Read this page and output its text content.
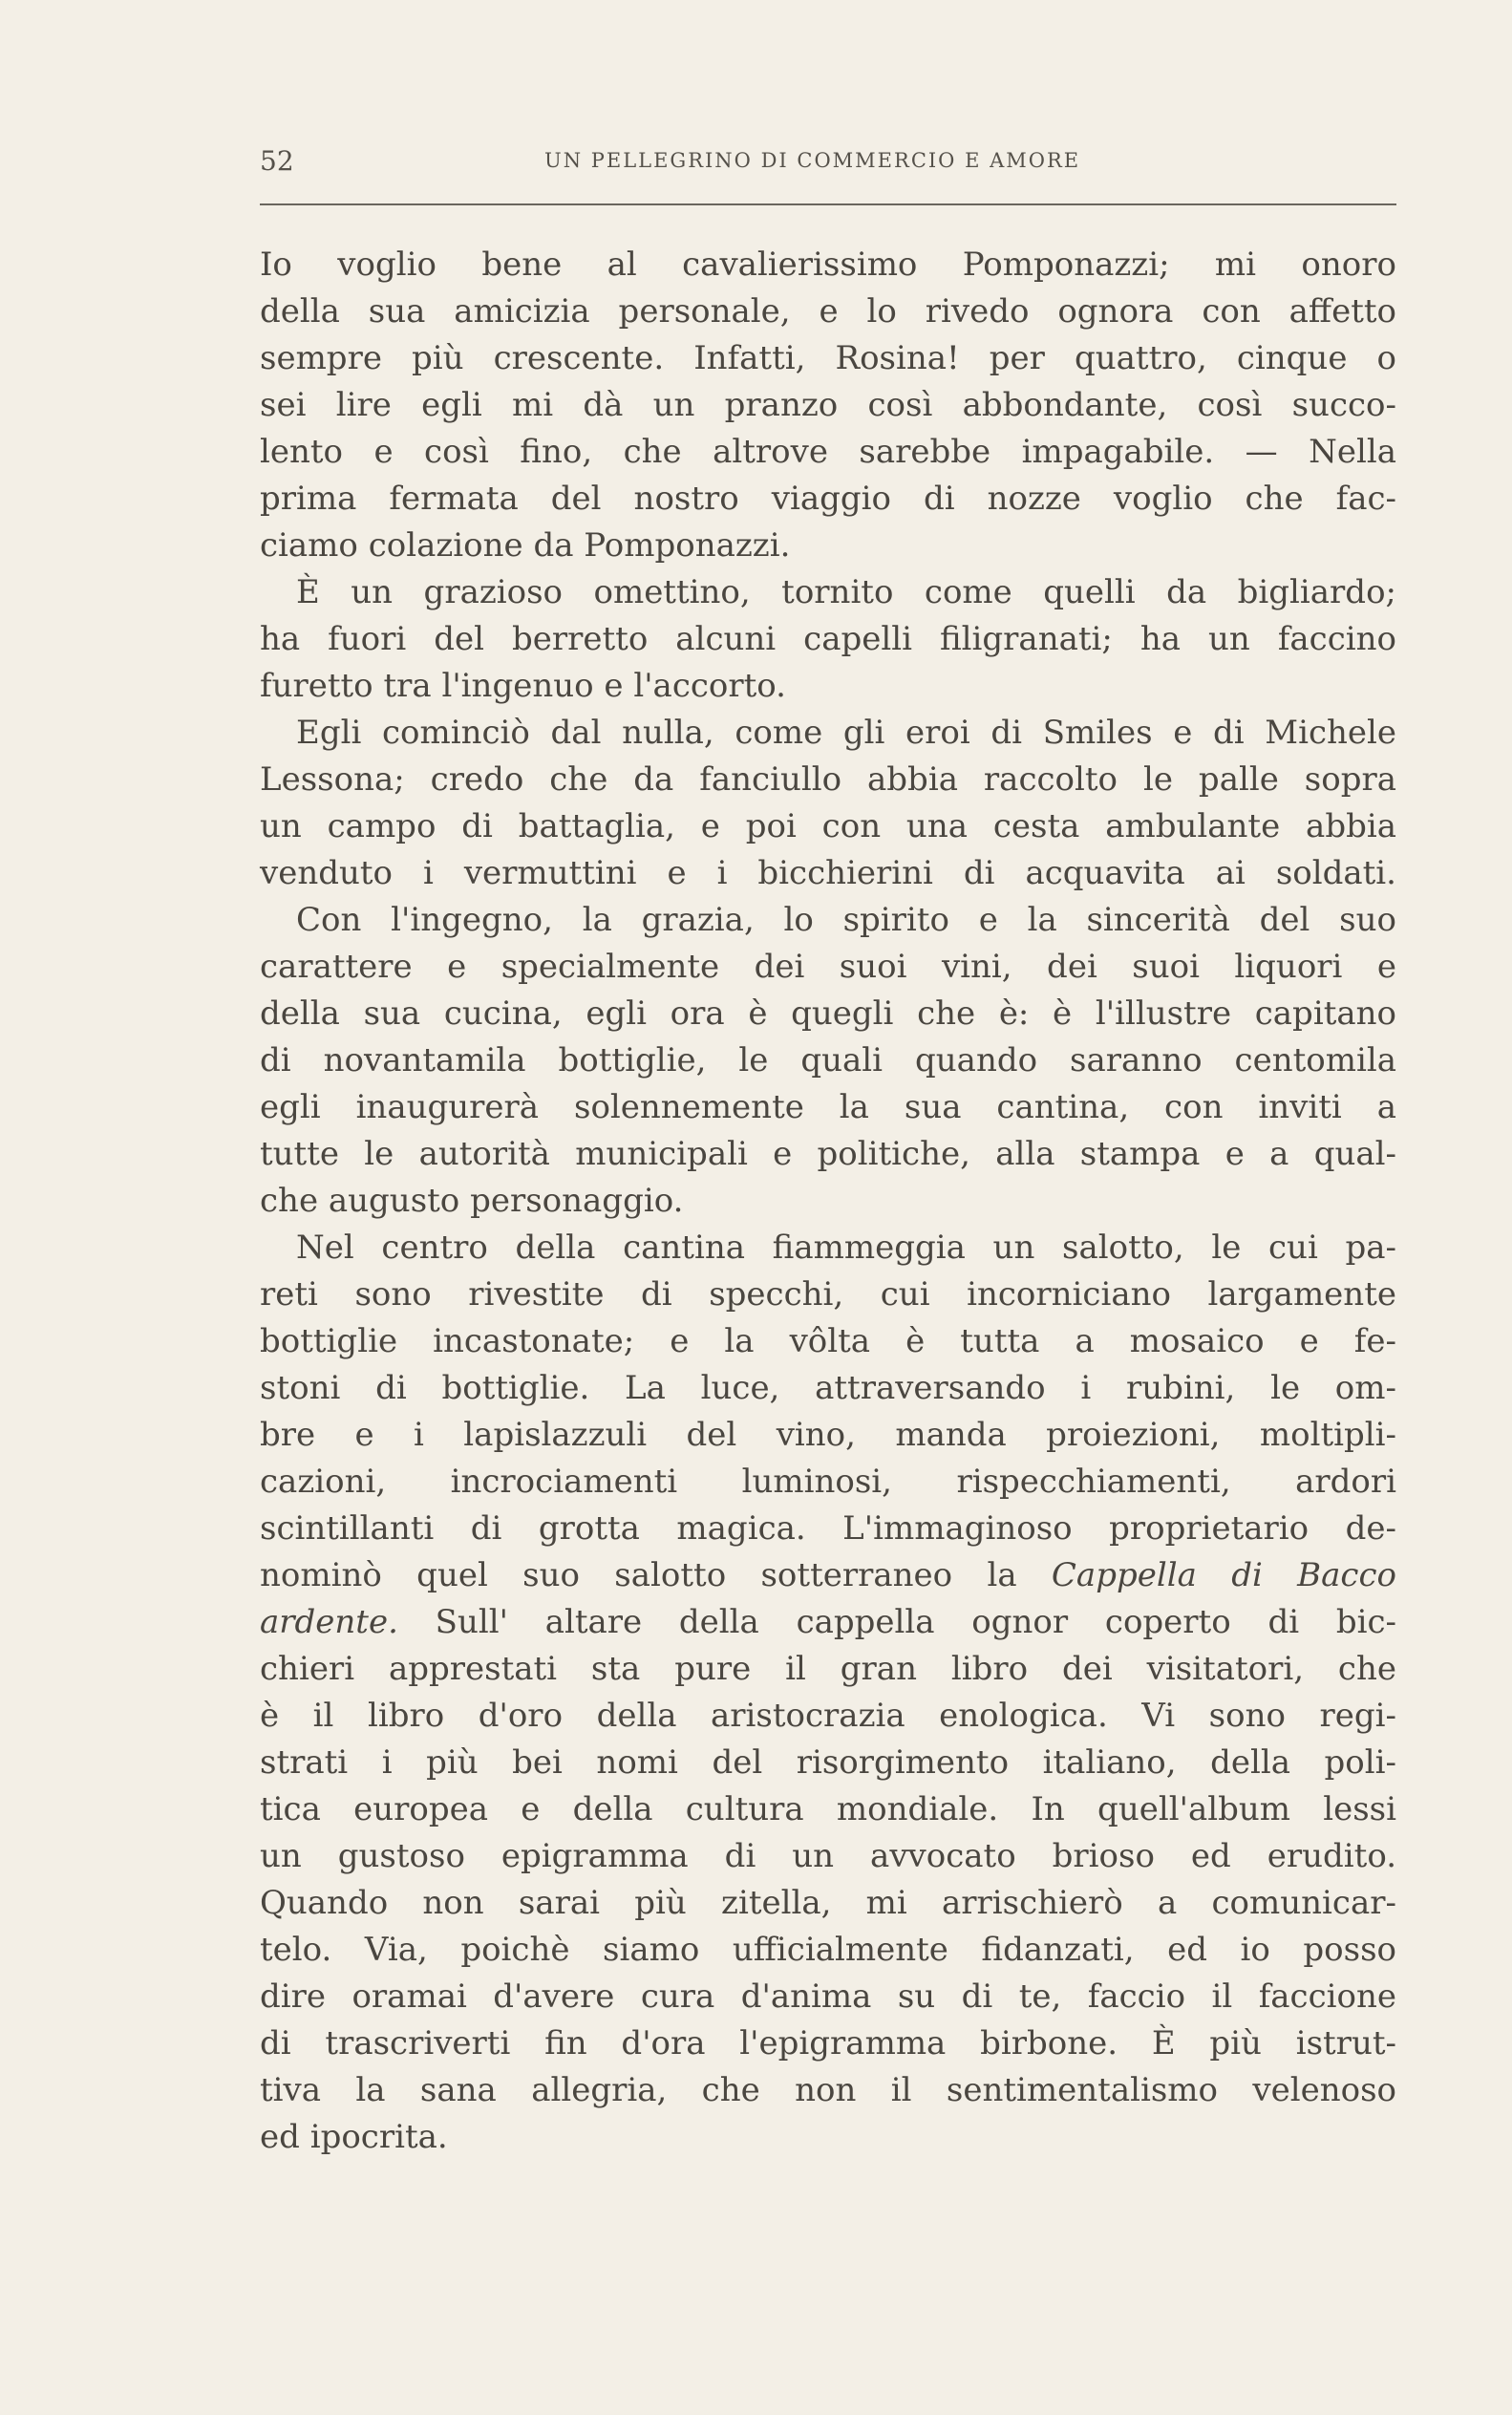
52	UN PELLEGRINO DI COMMERCIO E AMORE
Io voglio bene al cavalierissimo Pomponazzi; mi onoro
della sua amicizia personale, e lo rivedo ognora con affetto
sempre più crescente. Infatti, Rosina! per quattro, cinque o
sei lire egli mi dà un pranzo così abbondante, così succo-
lento e così fino, che altrove sarebbe impagabile. — Nella
prima fermata del nostro viaggio di nozze voglio che fac-
ciamo colazione da Pomponazzi.
È un grazioso omettino, tornito come quelli da bigliardo;
ha fuori del berretto alcuni capelli filigranati; ha un faccino
furetto tra l'ingenuo e l'accorto.
Egli cominciò dal nulla, come gli eroi di Smiles e di Michele
Lessona; credo che da fanciullo abbia raccolto le palle sopra
un campo di battaglia, e poi con una cesta ambulante abbia
venduto i vermuttini e i bicchierini di acquavita ai soldati.
Con l'ingegno, la grazia, lo spirito e la sincerità del suo
carattere e specialmente dei suoi vini, dei suoi liquori e
della sua cucina, egli ora è quegli che è: è l'illustre capitano
di novantamila bottiglie, le quali quando saranno centomila
egli inaugurerà solennemente la sua cantina, con inviti a
tutte le autorità municipali e politiche, alla stampa e a qual-
che augusto personaggio.
Nel centro della cantina fiammeggia un salotto, le cui pa-
reti sono rivestite di specchi, cui incorniciano largamente
bottiglie incastonate; e la vôlta è tutta a mosaico e fe-
stoni di bottiglie. La luce, attraversando i rubini, le om-
bre e i lapislazzuli del vino, manda proiezioni, moltipli-
cazioni, incrociamenti luminosi, rispecchiamenti, ardori
scintillanti di grotta magica. L'immaginoso proprietario de-
nominò quel suo salotto sotterraneo la Cappella di Bacco
ardente. Sull' altare della cappella ognor coperto di bic-
chieri apprestati sta pure il gran libro dei visitatori, che
è il libro d'oro della aristocrazia enologica. Vi sono regi-
strati i più bei nomi del risorgimento italiano, della poli-
tica europea e della cultura mondiale. In quell'album lessi
un gustoso epigramma di un avvocato brioso ed erudito.
Quando non sarai più zitella, mi arrischierò a comunicar-
telo. Via, poichè siamo ufficialmente fidanzati, ed io posso
dire oramai d'avere cura d'anima su di te, faccio il faccione
di trascriverti fin d'ora l'epigramma birbone. È più istrut-
tiva la sana allegria, che non il sentimentalismo velenoso
ed ipocrita.
